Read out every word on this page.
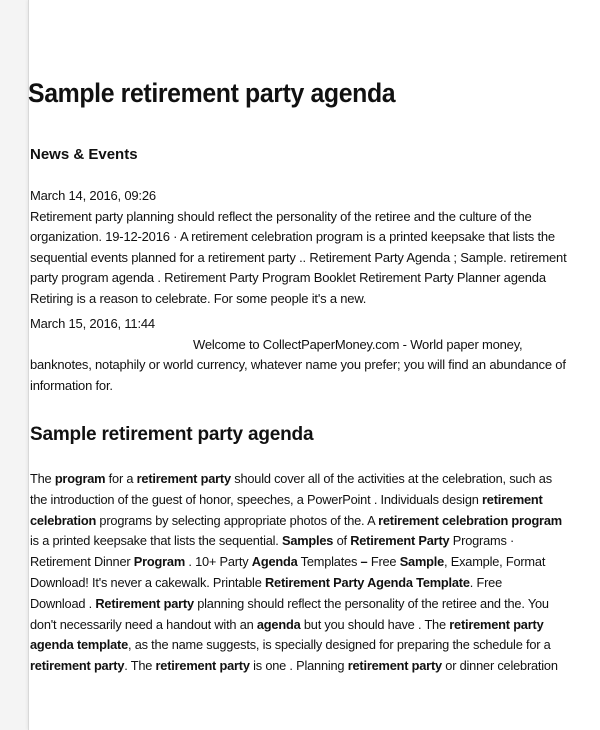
Sample retirement party agenda
News & Events

March 14, 2016, 09:26

Retirement party planning should reflect the personality of the retiree and the culture of the
organization. 19-12-2016 · A retirement celebration program is a printed keepsake that lists the
sequential events planned for a retirement party .. Retirement Party Agenda ; Sample. retirement
party program agenda . Retirement Party Program Booklet Retirement Party Planner agenda
Retiring is a reason to celebrate. For some people it's a new.

March 15, 2016, 11:44

Welcome to CollectPaperMoney.com - World paper money,
banknotes, notaphily or world currency, whatever name you prefer; you will find an abundance of
information for.
Sample retirement party agenda
The program for a retirement party should cover all of the activities at the celebration, such as
the introduction of the guest of honor, speeches, a PowerPoint . Individuals design retirement
celebration programs by selecting appropriate photos of the. A retirement celebration program
is a printed keepsake that lists the sequential. Samples of Retirement Party Programs ·
Retirement Dinner Program . 10+ Party Agenda Templates – Free Sample, Example, Format
Download! It's never a cakewalk. Printable Retirement Party Agenda Template. Free
Download . Retirement party planning should reflect the personality of the retiree and the. You
don't necessarily need a handout with an agenda but you should have . The retirement party
agenda template, as the name suggests, is specially designed for preparing the schedule for a
retirement party. The retirement party is one . Planning retirement party or dinner celebration
